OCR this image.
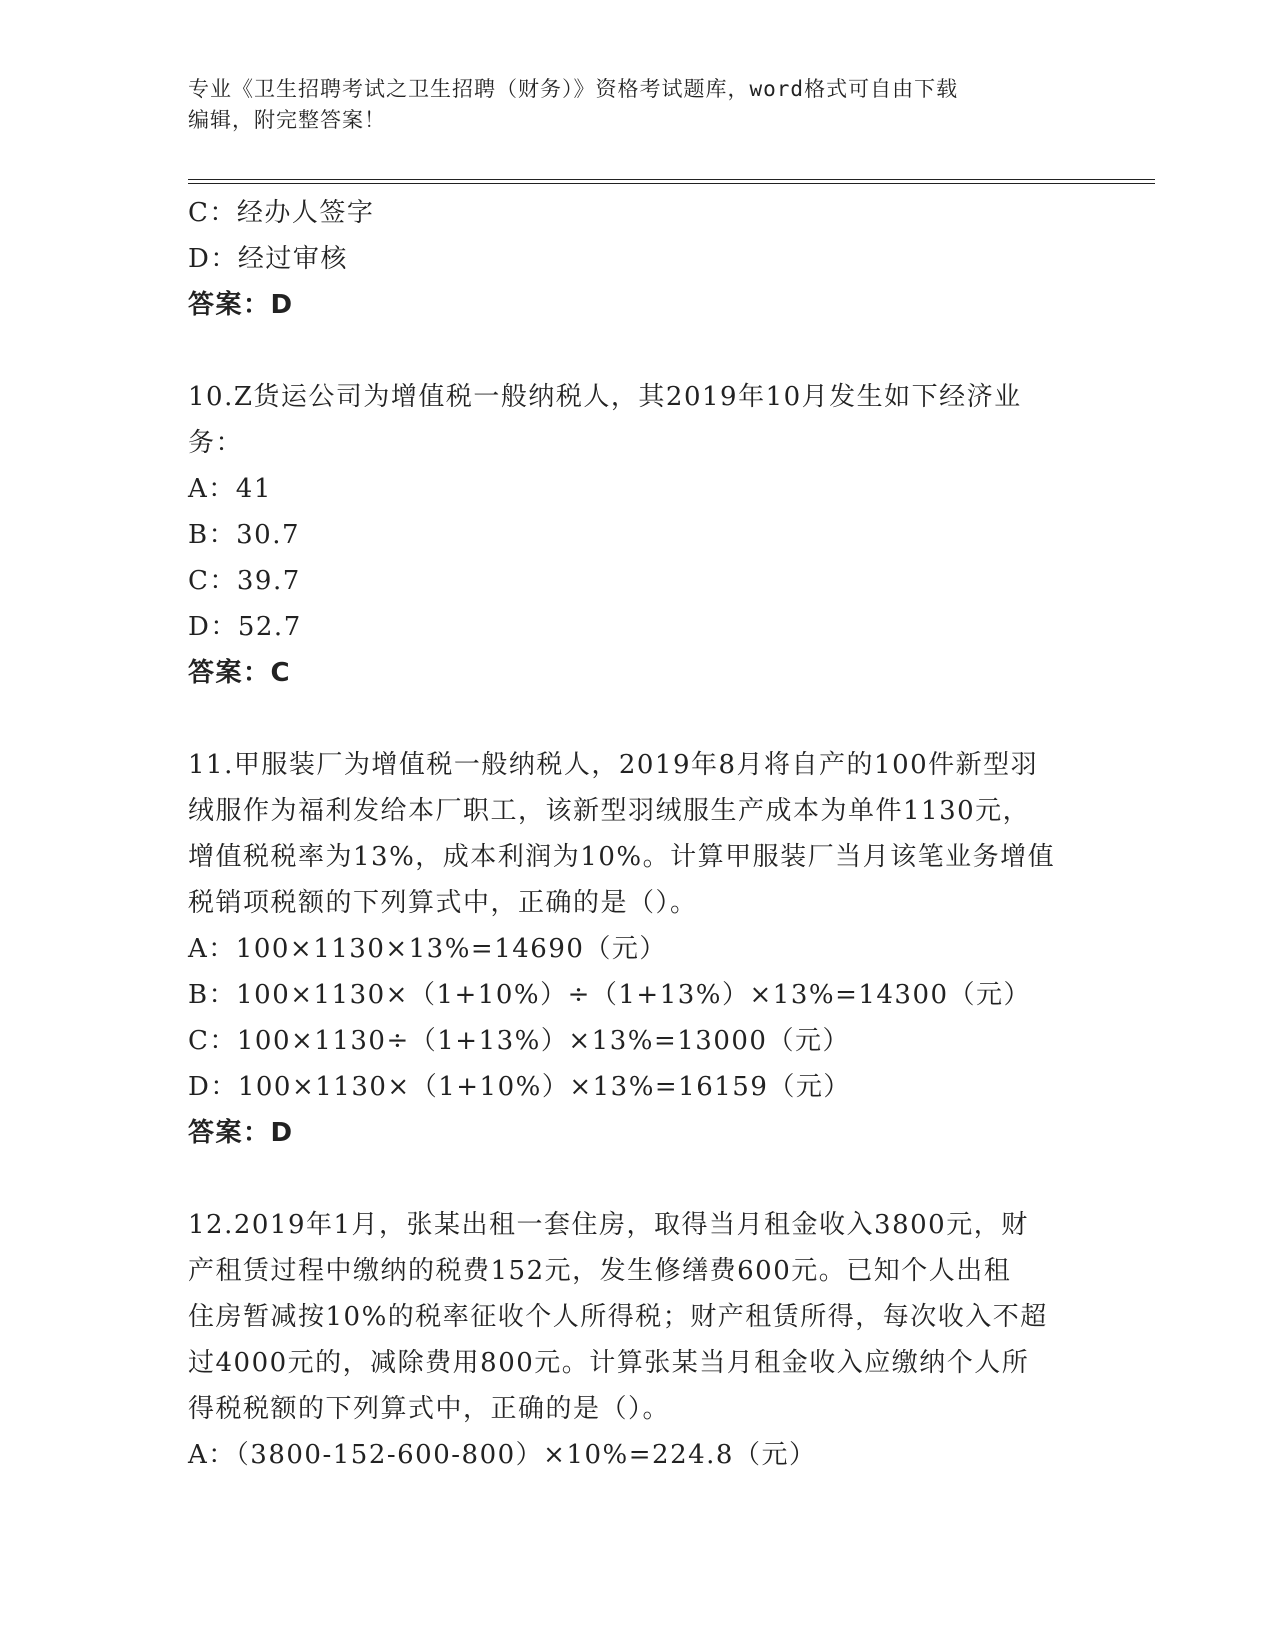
专业《卫生招聘考试之卫生招聘（财务）》资格考试题库，word格式可自由下载
编辑，附完整答案！
C：经办人签字
D：经过审核
答案：D
10.Z货运公司为增值税一般纳税人，其2019年10月发生如下经济业
务：
A：41
B：30.7
C：39.7
D：52.7
答案：C
11.甲服装厂为增值税一般纳税人，2019年8月将自产的100件新型羽
绒服作为福利发给本厂职工，该新型羽绒服生产成本为单件1130元，
增值税税率为13%，成本利润为10%。计算甲服装厂当月该笔业务增值
税销项税额的下列算式中，正确的是（）。
A：100×1130×13%=14690（元）
B：100×1130×（1+10%）÷（1+13%）×13%=14300（元）
C：100×1130÷（1+13%）×13%=13000（元）
D：100×1130×（1+10%）×13%=16159（元）
答案：D
12.2019年1月，张某出租一套住房，取得当月租金收入3800元，财
产租赁过程中缴纳的税费152元，发生修缮费600元。已知个人出租
住房暂减按10%的税率征收个人所得税；财产租赁所得，每次收入不超
过4000元的，减除费用800元。计算张某当月租金收入应缴纳个人所
得税税额的下列算式中，正确的是（）。
A：（3800-152-600-800）×10%=224.8（元）
